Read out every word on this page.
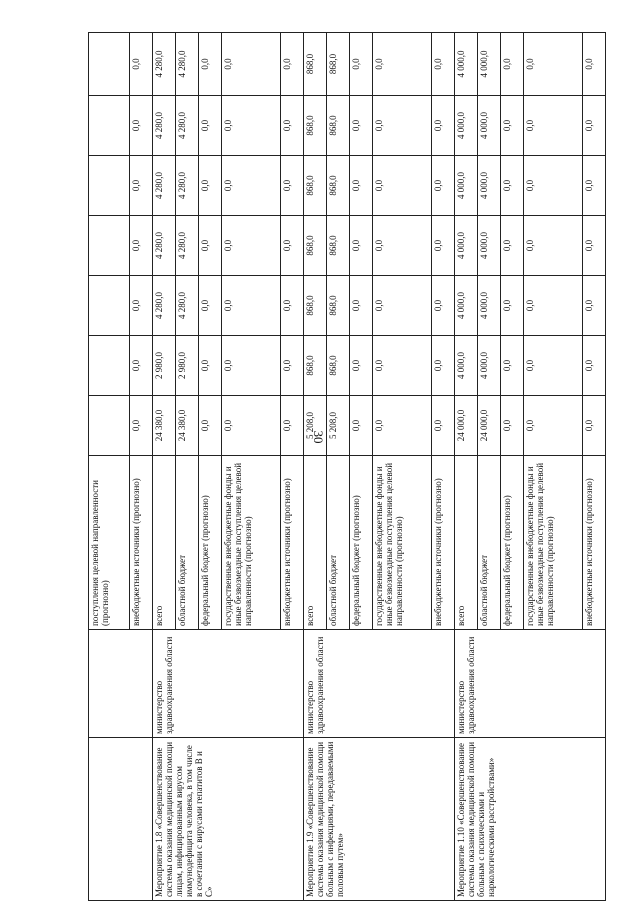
30
		поступления целевой направленности (прогнозно)							
		внебюджетные источники (прогнозно)	0,0	0,0	0,0	0,0	0,0	0,0	0,0
Мероприятие 1.8 «Совершенствование системы оказания медицинской помощи лицам, инфицированным вирусом иммунодефицита человека, в том числе в сочетании с вирусами гепатитов В и С»	министерство здравоохранения области	всего	24 380,0	2 980,0	4 280,0	4 280,0	4 280,0	4 280,0	4 280,0
		областной бюджет	24 380,0	2 980,0	4 280,0	4 280,0	4 280,0	4 280,0	4 280,0
		федеральный бюджет (прогнозно)	0,0	0,0	0,0	0,0	0,0	0,0	0,0
		государственные внебюджетные фонды и иные безвозмездные поступления целевой направленности (прогнозно)	0,0	0,0	0,0	0,0	0,0	0,0	0,0
		внебюджетные источники (прогнозно)	0,0	0,0	0,0	0,0	0,0	0,0	0,0
Мероприятие 1.9 «Совершенствование системы оказания медицинской помощи больным с инфекциями, передаваемыми половым путем»	министерство здравоохранения области	всего	5 208,0	868,0	868,0	868,0	868,0	868,0	868,0
		областной бюджет	5 208,0	868,0	868,0	868,0	868,0	868,0	868,0
		федеральный бюджет (прогнозно)	0,0	0,0	0,0	0,0	0,0	0,0	0,0
		государственные внебюджетные фонды и иные безвозмездные поступления целевой направленности (прогнозно)	0,0	0,0	0,0	0,0	0,0	0,0	0,0
		внебюджетные источники (прогнозно)	0,0	0,0	0,0	0,0	0,0	0,0	0,0
Мероприятие 1.10 «Совершенствование системы оказания медицинской помощи больным с психическими и наркологическими расстройствами»	министерство здравоохранения области	всего	24 000,0	4 000,0	4 000,0	4 000,0	4 000,0	4 000,0	4 000,0
		областной бюджет	24 000,0	4 000,0	4 000,0	4 000,0	4 000,0	4 000,0	4 000,0
		федеральный бюджет (прогнозно)	0,0	0,0	0,0	0,0	0,0	0,0	0,0
		государственные внебюджетные фонды и иные безвозмездные поступления целевой направленности (прогнозно)	0,0	0,0	0,0	0,0	0,0	0,0	0,0
		внебюджетные источники (прогнозно)	0,0	0,0	0,0	0,0	0,0	0,0	0,0
